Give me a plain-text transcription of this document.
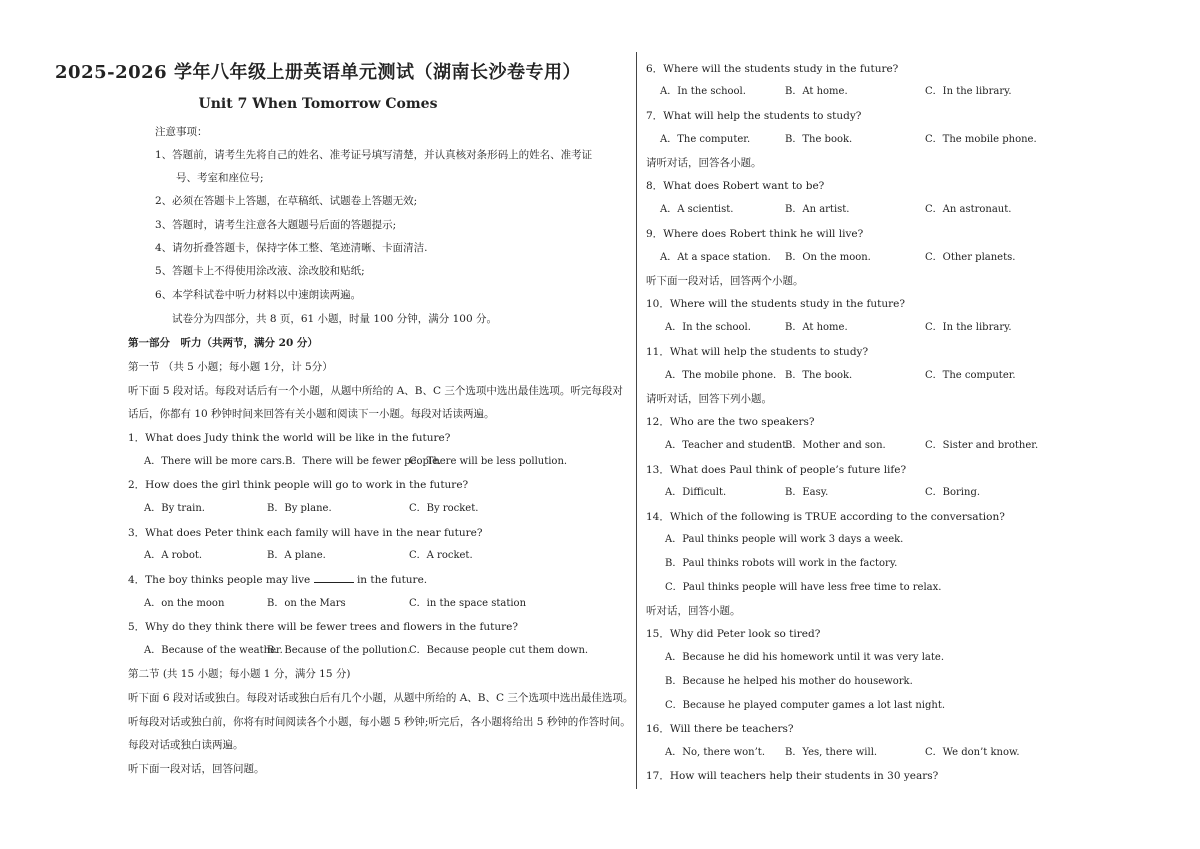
2025-2026 学年八年级上册英语单元测试（湖南长沙卷专用）
Unit 7 When Tomorrow Comes
注意事项：
1、答题前，请考生先将自己的姓名、准考证号填写清楚，并认真核对条形码上的姓名、准考证
号、考室和座位号;
2、必须在答题卡上答题，在草稿纸、试题卷上答题无效;
3、答题时，请考生注意各大题题号后面的答题提示;
4、请勿折叠答题卡，保持字体工整、笔迹清晰、卡面清洁.
5、答题卡上不得使用涂改液、涂改胶和贴纸;
6、本学科试卷中听力材料以中速朗读两遍。
试卷分为四部分，共 8 页，61 小题，时量 100 分钟，满分 100 分。
第一部分　听力（共两节，满分 20 分）
第一节 （共 5 小题；每小题 1分，计 5分）
听下面 5 段对话。每段对话后有一个小题，从题中所给的 A、B、C 三个选项中选出最佳选项。听完每段对
话后，你都有 10 秒钟时间来回答有关小题和阅读下一小题。每段对话读两遍。
1．What does Judy think the world will be like in the future?
A．There will be more cars. B．There will be fewer people.
C．There will be less pollution.
2．How does the girl think people will go to work in the future?
A．By train.	B．By plane.	C．By rocket.
3．What does Peter think each family will have in the near future?
A．A robot.	B．A plane.	C．A rocket.
4．The boy thinks people may live	in the future.
A．on the moon	B．on the Mars	C．in the space station
5．Why do they think there will be fewer trees and flowers in the future?
A．Because of the weather.
B．Because of the pollution.
C．Because people cut them down.
第二节 (共 15 小题；每小题 1 分，满分 15 分)
听下面 6 段对话或独白。每段对话或独白后有几个小题，从题中所给的 A、B、C 三个选项中选出最佳选项。
听每段对话或独白前，你将有时间阅读各个小题，每小题 5 秒钟;听完后，各小题将给出 5 秒钟的作答时间。
每段对话或独白读两遍。
听下面一段对话，回答问题。
6．Where will the students study in the future?
A．In the school.	B．At home.	C．In the library.
7．What will help the students to study?
A．The computer.	B．The book.	C．The mobile phone.
请听对话，回答各小题。
8．What does Robert want to be?
A．A scientist.	B．An artist.	C．An astronaut.
9．Where does Robert think he will live?
A．At a space station. B．On the moon.	C．Other planets.
听下面一段对话，回答两个小题。
10．Where will the students study in the future?
A．In the school.	B．At home.	C．In the library.
11．What will help the students to study?
A．The mobile phone. B．The book.	C．The computer.
请听对话，回答下列小题。
12．Who are the two speakers?
A．Teacher and student.
B．Mother and son.	C．Sister and brother.
13．What does Paul think of people’s future life?
A．Difficult.	B．Easy.	C．Boring.
14．Which of the following is TRUE according to the conversation?
A．Paul thinks people will work 3 days a week.
B．Paul thinks robots will work in the factory.
C．Paul thinks people will have less free time to relax.
听对话，回答小题。
15．Why did Peter look so tired?
A．Because he did his homework until it was very late.
B．Because he helped his mother do housework.
C．Because he played computer games a lot last night.
16．Will there be teachers?
A．No, there won’t. B．Yes, there will.	C．We don’t know.
17．How will teachers help their students in 30 years?
